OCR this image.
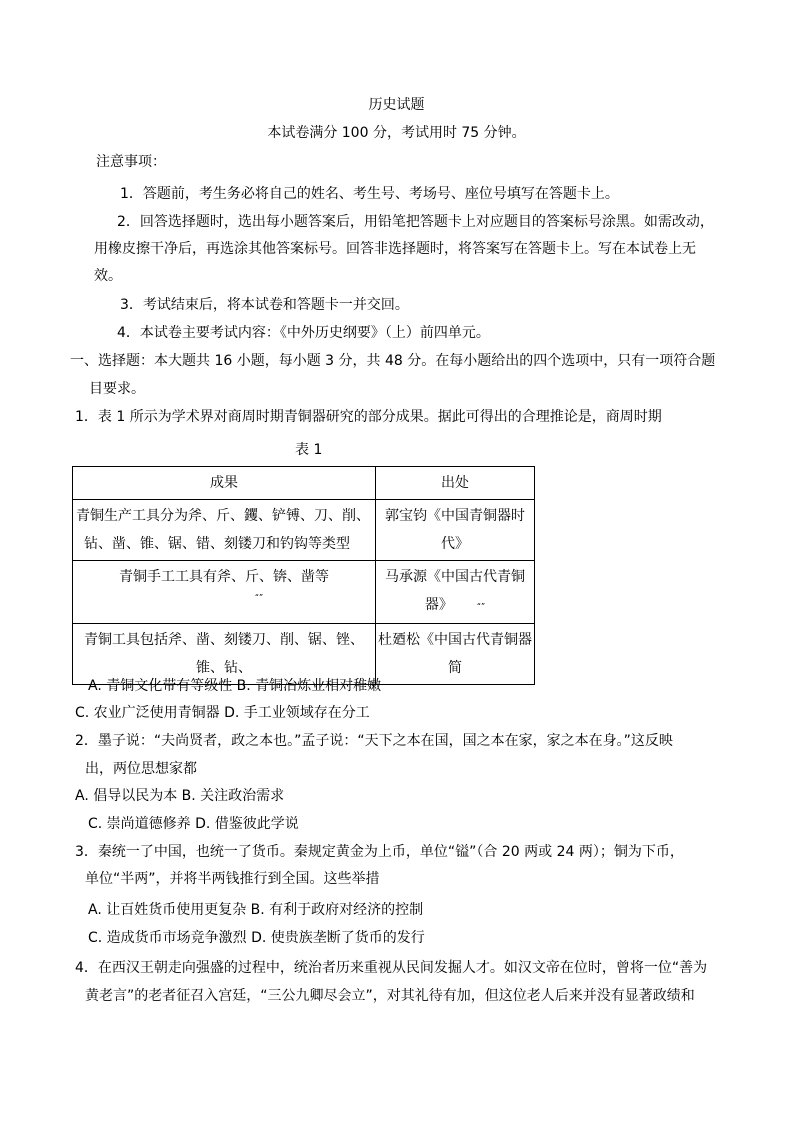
历史试题
本试卷满分 100 分，考试用时 75 分钟。
注意事项：
1．答题前，考生务必将自己的姓名、考生号、考场号、座位号填写在答题卡上。
2．回答选择题时，选出每小题答案后，用铅笔把答题卡上对应题目的答案标号涂黑。如需改动，
用橡皮擦干净后，再选涂其他答案标号。回答非选择题时，将答案写在答题卡上。写在本试卷上无
效。
3．考试结束后，将本试卷和答题卡一并交回。
4．本试卷主要考试内容：《中外历史纲要》（上）前四单元。
一、选择题：本大题共 16 小题，每小题 3 分，共 48 分。在每小题给出的四个选项中，只有一项符合题
目要求。
1．表 1 所示为学术界对商周时期青铜器研究的部分成果。据此可得出的合理推论是，商周时期
表 1
成果	出处

青铜生产工具分为斧、斤、钁、铲镈、刀、削、
钻、凿、锥、锯、错、刻镂刀和钓钩等类型	郭宝钧《中国青铜器时
代》

青铜手工工具有斧、斤、锛、凿等
“”	马承源《中国古代青铜
器》 “”

青铜工具包括斧、凿、刻镂刀、削、锯、锉、
锥、钻、	杜廼松《中国古代青铜器
简
A. 青铜文化带有等级性 B. 青铜冶炼业相对稚嫩
C. 农业广泛使用青铜器 D. 手工业领域存在分工
2．墨子说：“夫尚贤者，政之本也。”孟子说：“天下之本在国，国之本在家，家之本在身。”这反映
出，两位思想家都
A. 倡导以民为本 B. 关注政治需求
C. 崇尚道德修养 D. 借鉴彼此学说
3．秦统一了中国，也统一了货币。秦规定黄金为上币，单位“镒”（合 20 两或 24 两）；铜为下币，
单位“半两”，并将半两钱推行到全国。这些举措
A. 让百姓货币使用更复杂 B. 有利于政府对经济的控制
C. 造成货币市场竞争激烈 D. 使贵族垄断了货币的发行
4．在西汉王朝走向强盛的过程中，统治者历来重视从民间发掘人才。如汉文帝在位时，曾将一位“善为
黄老言”的老者征召入宫廷，“三公九卿尽会立”，对其礼待有加，但这位老人后来并没有显著政绩和
